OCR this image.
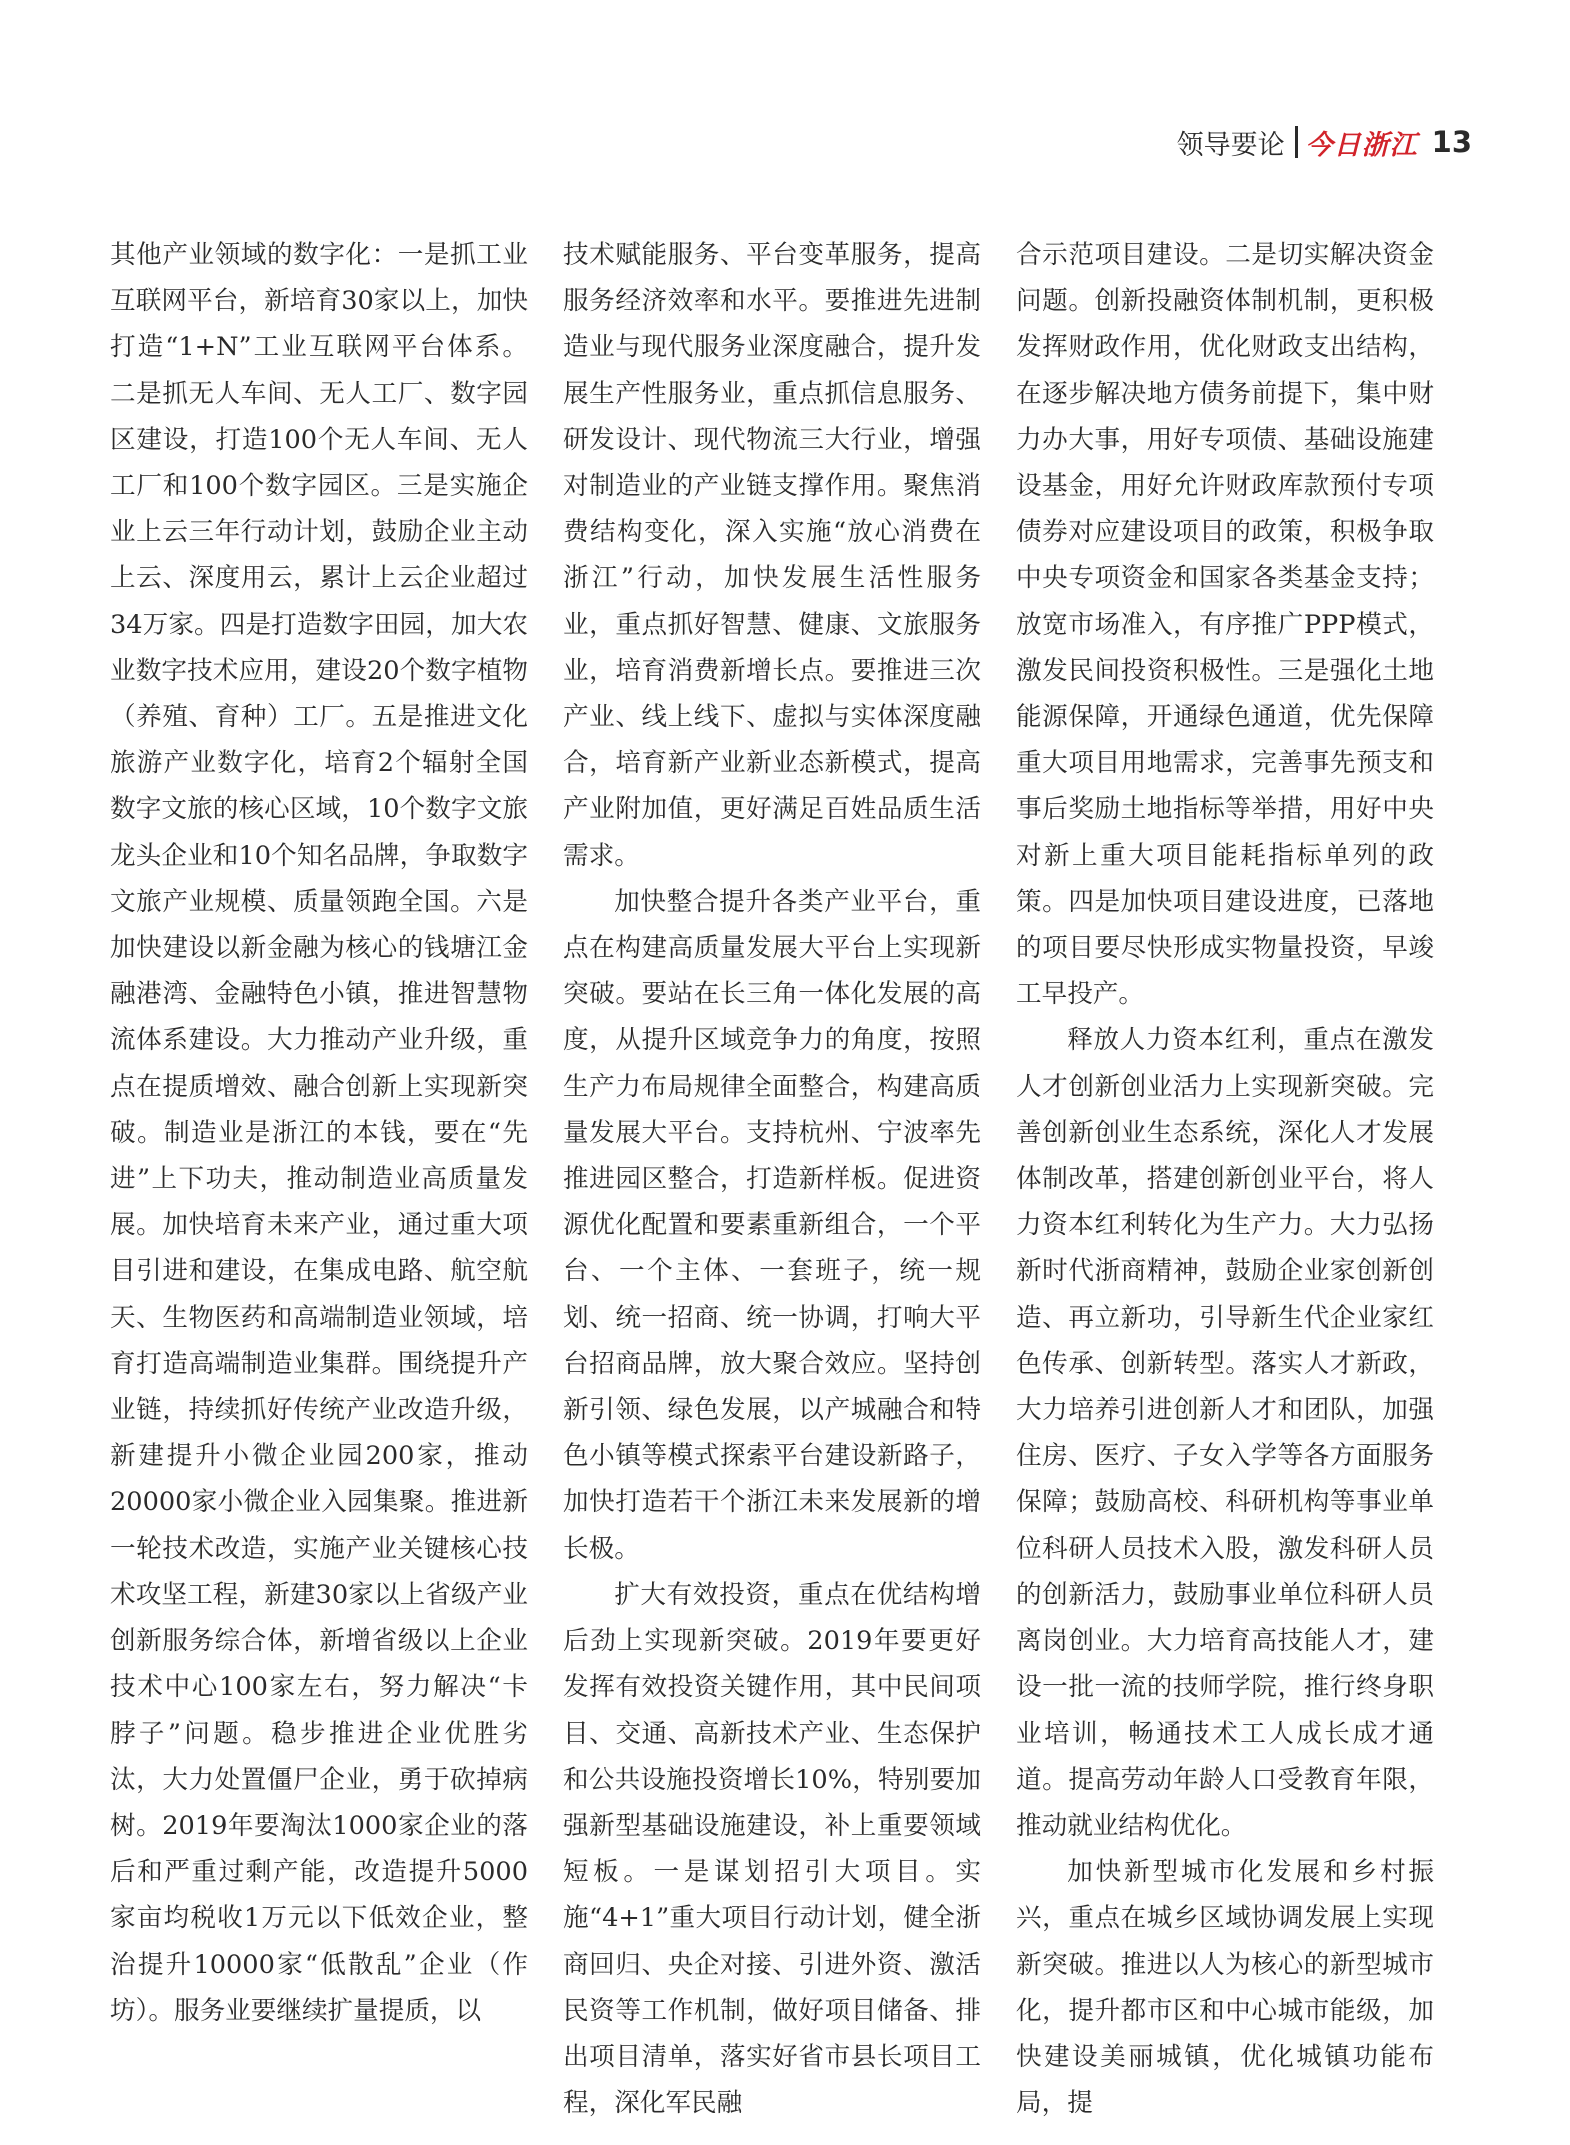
领导要论 今日浙江 13

其他产业领域的数字化：一是抓工业互联网平台，新培育30家以上，加快打造“1+N”工业互联网平台体系。二是抓无人车间、无人工厂、数字园区建设，打造100个无人车间、无人工厂和100个数字园区。三是实施企业上云三年行动计划，鼓励企业主动上云、深度用云，累计上云企业超过34万家。四是打造数字田园，加大农业数字技术应用，建设20个数字植物（养殖、育种）工厂。五是推进文化旅游产业数字化，培育2个辐射全国数字文旅的核心区域，10个数字文旅龙头企业和10个知名品牌，争取数字文旅产业规模、质量领跑全国。六是加快建设以新金融为核心的钱塘江金融港湾、金融特色小镇，推进智慧物流体系建设。大力推动产业升级，重点在提质增效、融合创新上实现新突破。制造业是浙江的本钱，要在“先进”上下功夫，推动制造业高质量发展。加快培育未来产业，通过重大项目引进和建设，在集成电路、航空航天、生物医药和高端制造业领域，培育打造高端制造业集群。围绕提升产业链，持续抓好传统产业改造升级，新建提升小微企业园200家，推动20000家小微企业入园集聚。推进新一轮技术改造，实施产业关键核心技术攻坚工程，新建30家以上省级产业创新服务综合体，新增省级以上企业技术中心100家左右，努力解决“卡脖子”问题。稳步推进企业优胜劣汰，大力处置僵尸企业，勇于砍掉病树。2019年要淘汰1000家企业的落后和严重过剩产能，改造提升5000家亩均税收1万元以下低效企业，整治提升10000家“低散乱”企业（作坊）。服务业要继续扩量提质，以

技术赋能服务、平台变革服务，提高服务经济效率和水平。要推进先进制造业与现代服务业深度融合，提升发展生产性服务业，重点抓信息服务、研发设计、现代物流三大行业，增强对制造业的产业链支撑作用。聚焦消费结构变化，深入实施“放心消费在浙江”行动，加快发展生活性服务业，重点抓好智慧、健康、文旅服务业，培育消费新增长点。要推进三次产业、线上线下、虚拟与实体深度融合，培育新产业新业态新模式，提高产业附加值，更好满足百姓品质生活需求。

加快整合提升各类产业平台，重点在构建高质量发展大平台上实现新突破。要站在长三角一体化发展的高度，从提升区域竞争力的角度，按照生产力布局规律全面整合，构建高质量发展大平台。支持杭州、宁波率先推进园区整合，打造新样板。促进资源优化配置和要素重新组合，一个平台、一个主体、一套班子，统一规划、统一招商、统一协调，打响大平台招商品牌，放大聚合效应。坚持创新引领、绿色发展，以产城融合和特色小镇等模式探索平台建设新路子，加快打造若干个浙江未来发展新的增长极。

扩大有效投资，重点在优结构增后劲上实现新突破。2019年要更好发挥有效投资关键作用，其中民间项目、交通、高新技术产业、生态保护和公共设施投资增长10%，特别要加强新型基础设施建设，补上重要领域短板。一是谋划招引大项目。实施“4+1”重大项目行动计划，健全浙商回归、央企对接、引进外资、激活民资等工作机制，做好项目储备、排出项目清单，落实好省市县长项目工程，深化军民融

合示范项目建设。二是切实解决资金问题。创新投融资体制机制，更积极发挥财政作用，优化财政支出结构，在逐步解决地方债务前提下，集中财力办大事，用好专项债、基础设施建设基金，用好允许财政库款预付专项债券对应建设项目的政策，积极争取中央专项资金和国家各类基金支持；放宽市场准入，有序推广PPP模式，激发民间投资积极性。三是强化土地能源保障，开通绿色通道，优先保障重大项目用地需求，完善事先预支和事后奖励土地指标等举措，用好中央对新上重大项目能耗指标单列的政策。四是加快项目建设进度，已落地的项目要尽快形成实物量投资，早竣工早投产。

释放人力资本红利，重点在激发人才创新创业活力上实现新突破。完善创新创业生态系统，深化人才发展体制改革，搭建创新创业平台，将人力资本红利转化为生产力。大力弘扬新时代浙商精神，鼓励企业家创新创造、再立新功，引导新生代企业家红色传承、创新转型。落实人才新政，大力培养引进创新人才和团队，加强住房、医疗、子女入学等各方面服务保障；鼓励高校、科研机构等事业单位科研人员技术入股，激发科研人员的创新活力，鼓励事业单位科研人员离岗创业。大力培育高技能人才，建设一批一流的技师学院，推行终身职业培训，畅通技术工人成长成才通道。提高劳动年龄人口受教育年限，推动就业结构优化。

加快新型城市化发展和乡村振兴，重点在城乡区域协调发展上实现新突破。推进以人为核心的新型城市化，提升都市区和中心城市能级，加快建设美丽城镇，优化城镇功能布局，提
